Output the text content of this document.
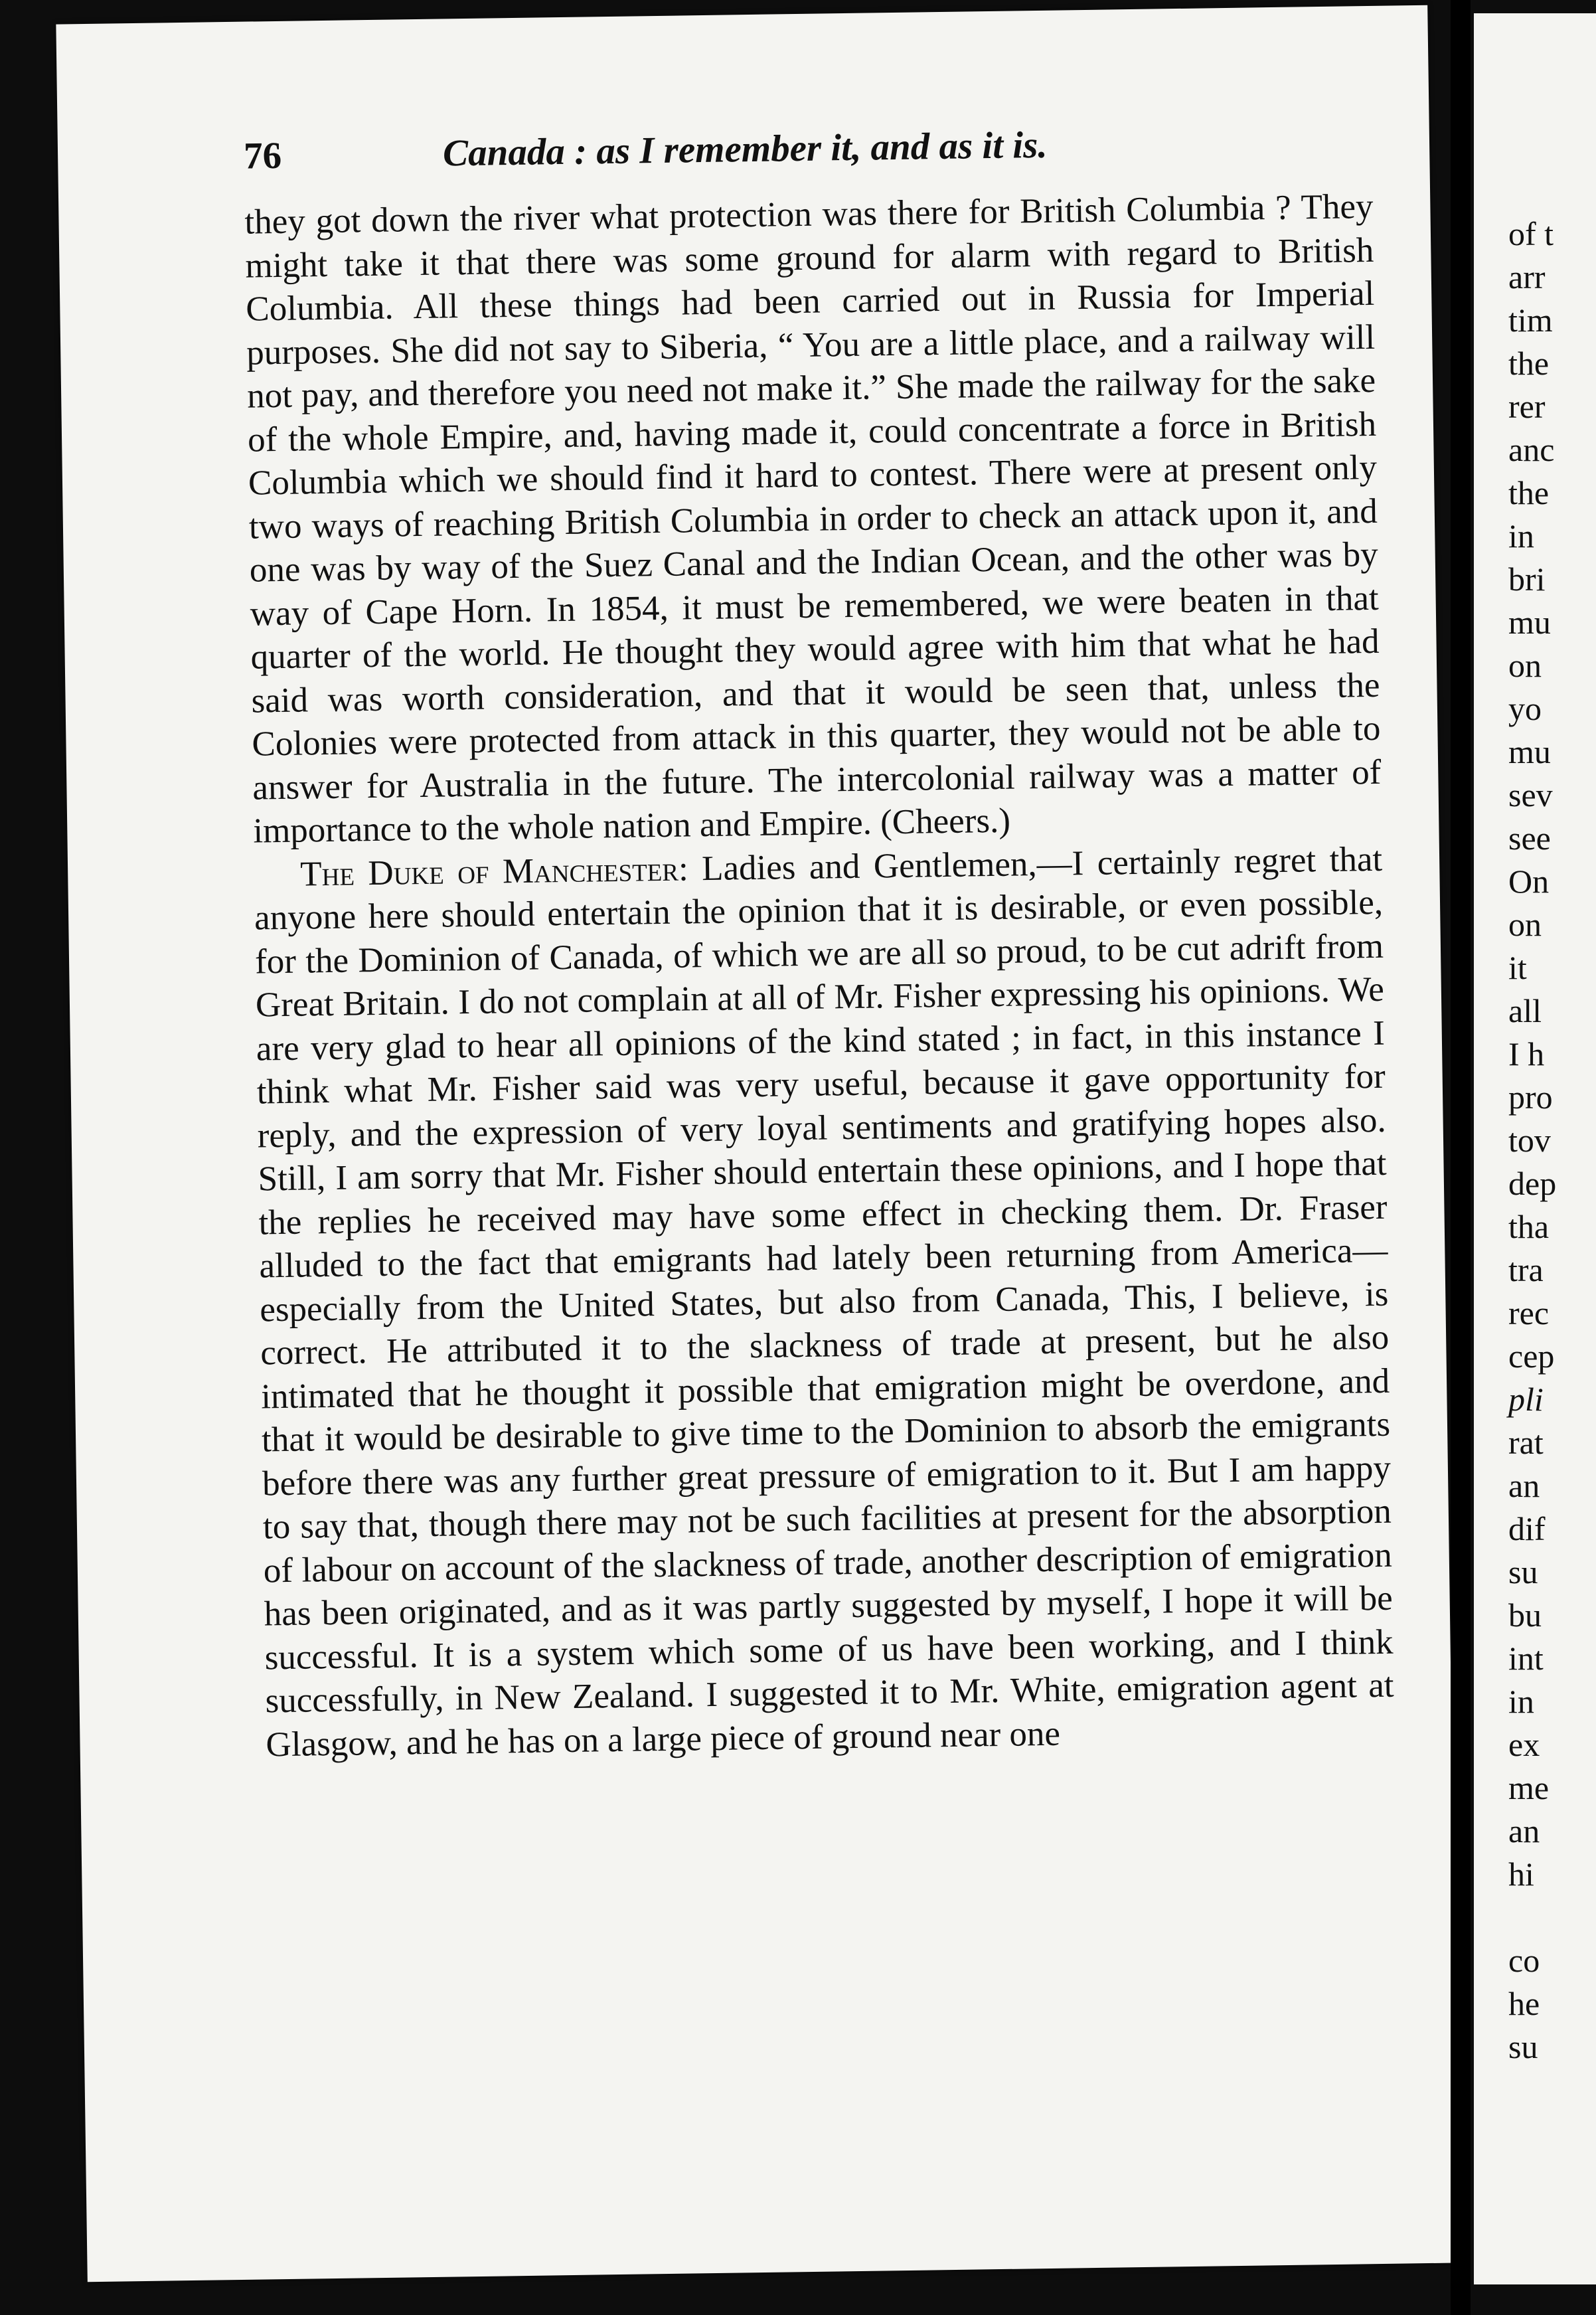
76	Canada : as I remember it, and as it is.

they got down the river what protection was there for British Columbia ? They might take it that there was some ground for alarm with regard to British Columbia. All these things had been carried out in Russia for Imperial purposes. She did not say to Siberia, “ You are a little place, and a railway will not pay, and therefore you need not make it.” She made the railway for the sake of the whole Empire, and, having made it, could concentrate a force in British Columbia which we should find it hard to contest. There were at present only two ways of reaching British Columbia in order to check an attack upon it, and one was by way of the Suez Canal and the Indian Ocean, and the other was by way of Cape Horn. In 1854, it must be remembered, we were beaten in that quarter of the world. He thought they would agree with him that what he had said was worth consideration, and that it would be seen that, unless the Colonies were protected from attack in this quarter, they would not be able to answer for Australia in the future. The intercolonial railway was a matter of importance to the whole nation and Empire. (Cheers.)

The Duke of Manchester: Ladies and Gentlemen,—I certainly regret that anyone here should entertain the opinion that it is desirable, or even possible, for the Dominion of Canada, of which we are all so proud, to be cut adrift from Great Britain. I do not complain at all of Mr. Fisher expressing his opinions. We are very glad to hear all opinions of the kind stated ; in fact, in this instance I think what Mr. Fisher said was very useful, because it gave opportunity for reply, and the expression of very loyal sentiments and gratifying hopes also. Still, I am sorry that Mr. Fisher should entertain these opinions, and I hope that the replies he received may have some effect in checking them. Dr. Fraser alluded to the fact that emigrants had lately been returning from America—especially from the United States, but also from Canada, This, I believe, is correct. He attributed it to the slackness of trade at present, but he also intimated that he thought it possible that emigration might be overdone, and that it would be desirable to give time to the Dominion to absorb the emigrants before there was any further great pressure of emigration to it. But I am happy to say that, though there may not be such facilities at present for the absorption of labour on account of the slackness of trade, another description of emigration has been originated, and as it was partly suggested by myself, I hope it will be successful. It is a system which some of us have been working, and I think successfully, in New Zealand. I suggested it to Mr. White, emigration agent at Glasgow, and he has on a large piece of ground near one

of t
arr
tim
the
rer
anc
the
in
bri
mu
on
yo
mu
sev
see
On
on
it
all
I h
pro
tov
dep
tha
tra
rec
cep
pli
rat
an
dif
su
bu
int
in
ex
me
an
hi
co
he
su
